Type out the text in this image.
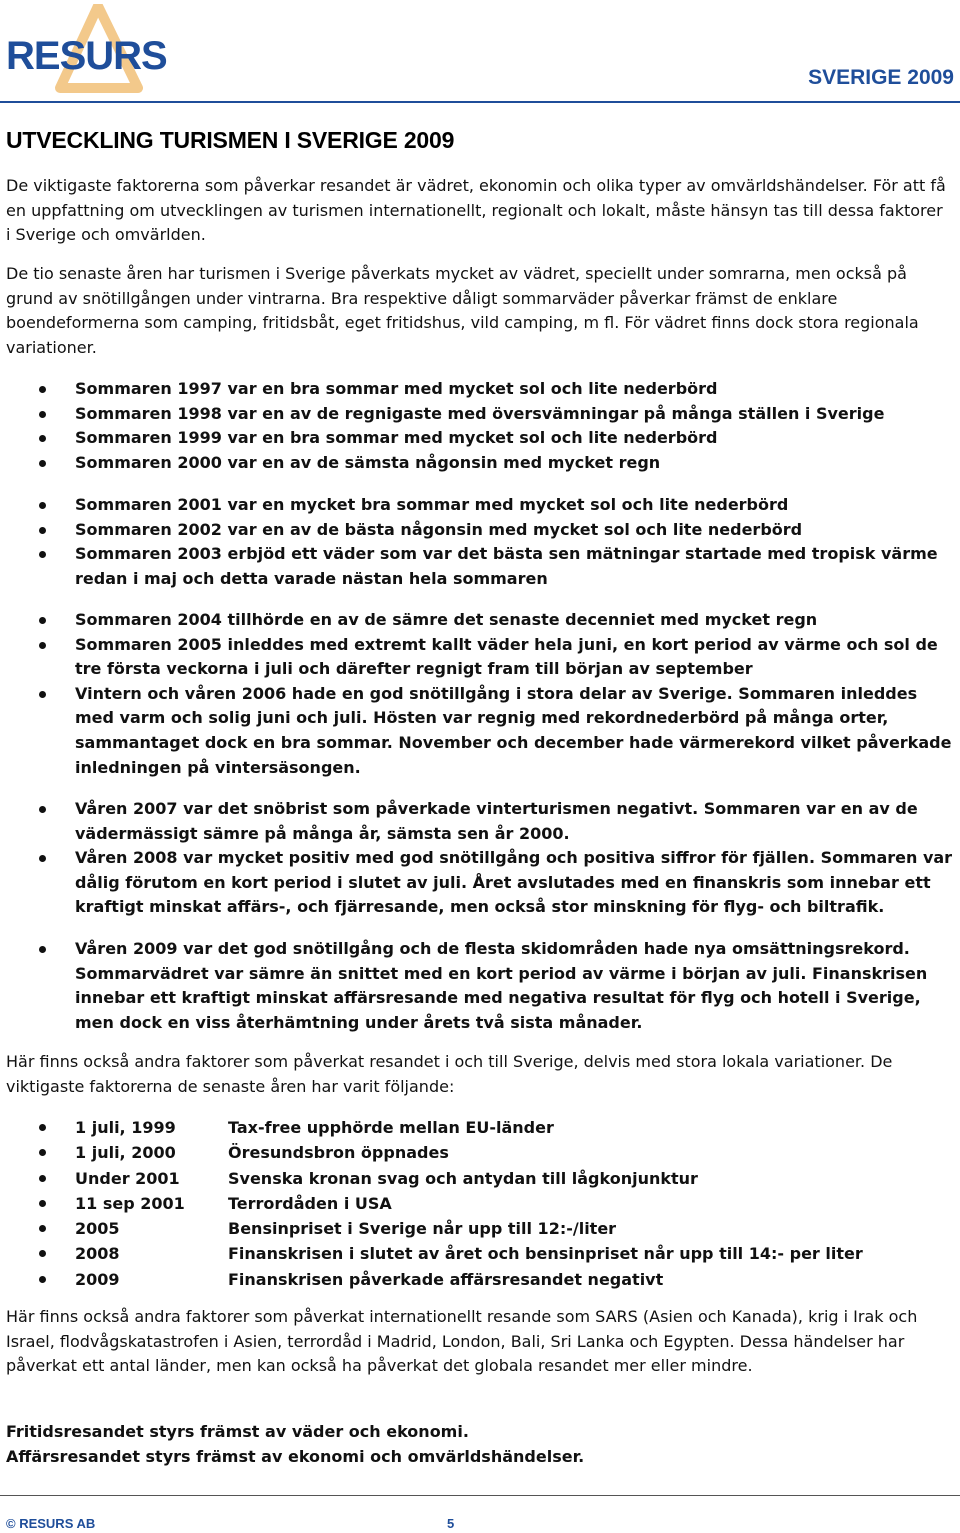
RESURS	SVERIGE 2009
UTVECKLING TURISMEN I SVERIGE 2009

De viktigaste faktorerna som påverkar resandet är vädret, ekonomin och olika typer av omvärldshändelser. För att få en uppfattning om utvecklingen av turismen internationellt, regionalt och lokalt, måste hänsyn tas till dessa faktorer i Sverige och omvärlden.

De tio senaste åren har turismen i Sverige påverkats mycket av vädret, speciellt under somrarna, men också på grund av snötillgången under vintrarna. Bra respektive dåligt sommarväder påverkar främst de enklare boendeformerna som camping, fritidsbåt, eget fritidshus, vild camping, m fl. För vädret finns dock stora regionala variationer.

Sommaren 1997 var en bra sommar med mycket sol och lite nederbörd
Sommaren 1998 var en av de regnigaste med översvämningar på många ställen i Sverige
Sommaren 1999 var en bra sommar med mycket sol och lite nederbörd
Sommaren 2000 var en av de sämsta någonsin med mycket regn
Sommaren 2001 var en mycket bra sommar med mycket sol och lite nederbörd
Sommaren 2002 var en av de bästa någonsin med mycket sol och lite nederbörd
Sommaren 2003 erbjöd ett väder som var det bästa sen mätningar startade med tropisk värme redan i maj och detta varade nästan hela sommaren
Sommaren 2004 tillhörde en av de sämre det senaste decenniet med mycket regn
Sommaren 2005 inleddes med extremt kallt väder hela juni, en kort period av värme och sol de tre första veckorna i juli och därefter regnigt fram till början av september
Vintern och våren 2006 hade en god snötillgång i stora delar av Sverige. Sommaren inleddes med varm och solig juni och juli. Hösten var regnig med rekordnederbörd på många orter, sammantaget dock en bra sommar. November och december hade värmerekord vilket påverkade inledningen på vintersäsongen.
Våren 2007 var det snöbrist som påverkade vinterturismen negativt. Sommaren var en av de vädermässigt sämre på många år, sämsta sen år 2000.
Våren 2008 var mycket positiv med god snötillgång och positiva siffror för fjällen. Sommaren var dålig förutom en kort period i slutet av juli. Året avslutades med en finanskris som innebar ett kraftigt minskat affärs-, och fjärresande, men också stor minskning för flyg- och biltrafik.
Våren 2009 var det god snötillgång och de flesta skidområden hade nya omsättningsrekord. Sommarvädret var sämre än snittet med en kort period av värme i början av juli. Finanskrisen innebar ett kraftigt minskat affärsresande med negativa resultat för flyg och hotell i Sverige, men dock en viss återhämtning under årets två sista månader.

Här finns också andra faktorer som påverkat resandet i och till Sverige, delvis med stora lokala variationer. De viktigaste faktorerna de senaste åren har varit följande:

1 juli, 1999	Tax-free upphörde mellan EU-länder
1 juli, 2000	Öresundsbron öppnades
Under 2001	Svenska kronan svag och antydan till lågkonjunktur
11 sep 2001	Terrordåden i USA
2005	Bensinpriset i Sverige når upp till 12:-/liter
2008	Finanskrisen i slutet av året och bensinpriset når upp till 14:- per liter
2009	Finanskrisen påverkade affärsresandet negativt

Här finns också andra faktorer som påverkat internationellt resande som SARS (Asien och Kanada), krig i Irak och Israel, flodvågskatastrofen i Asien, terrordåd i Madrid, London, Bali, Sri Lanka och Egypten. Dessa händelser har påverkat ett antal länder, men kan också ha påverkat det globala resandet mer eller mindre.

Fritidsresandet styrs främst av väder och ekonomi.
Affärsresandet styrs främst av ekonomi och omvärldshändelser.
© RESURS AB	5
